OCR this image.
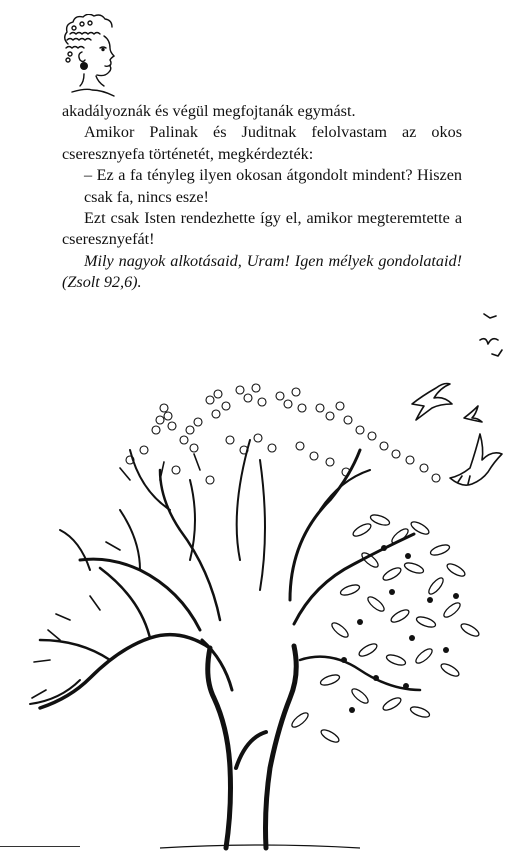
akadályoznák és végül megfojtanák egymást.

Amikor Palinak és Juditnak felolvastam az okos cseresznyefa történetét, megkérdezték:

– Ez a fa tényleg ilyen okosan átgondolt mindent? Hiszen csak fa, nincs esze!

Ezt csak Isten rendezhette így el, amikor megteremtette a cseresznyefát!

Mily nagyok alkotásaid, Uram! Igen mélyek gondolataid! (Zsolt 92,6).
